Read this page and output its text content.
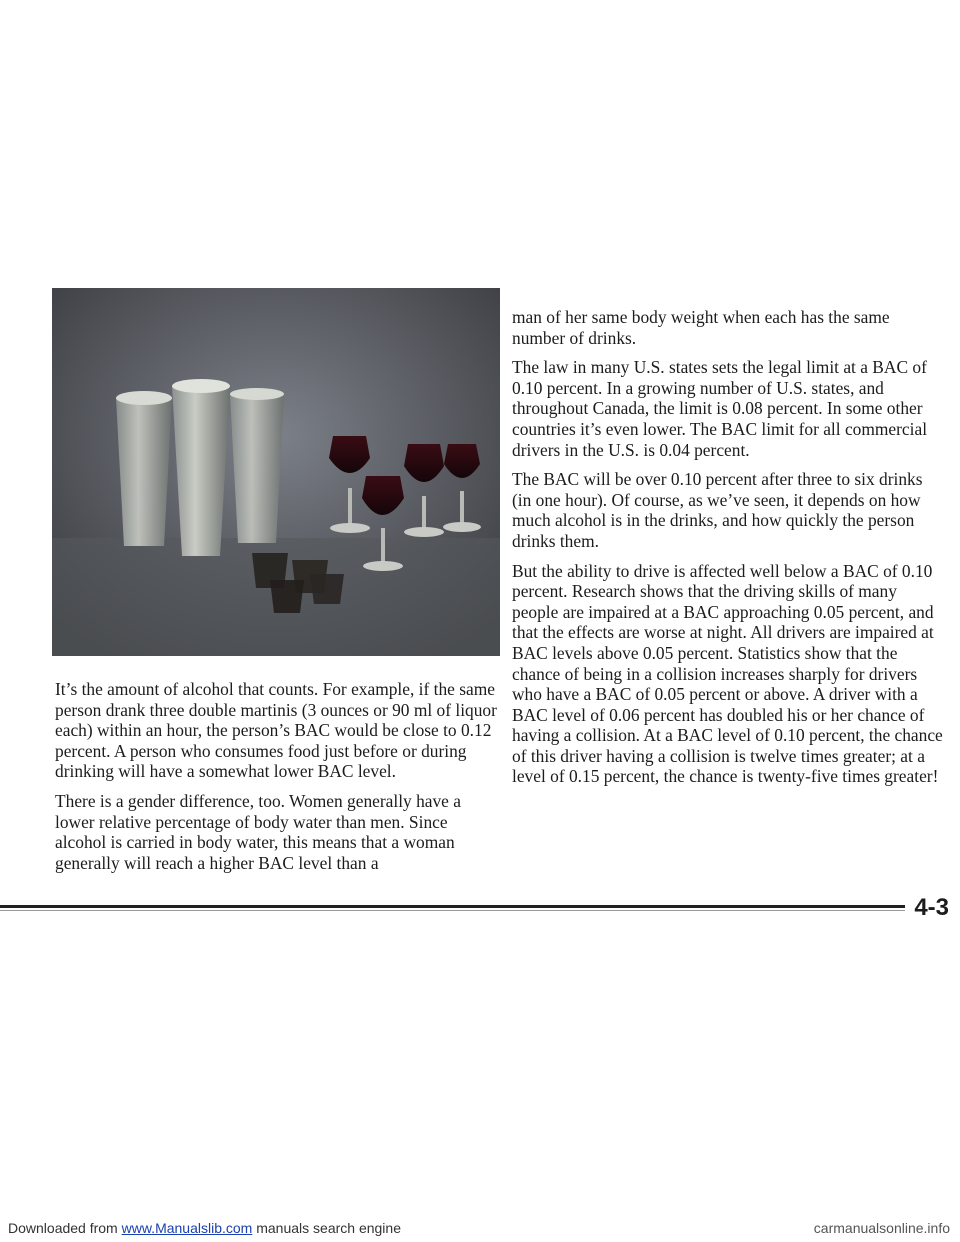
It’s the amount of alcohol that counts. For example, if the same person drank three double martinis (3 ounces or 90 ml of liquor each) within an hour, the person’s BAC would be close to 0.12 percent. A person who consumes food just before or during drinking will have a somewhat lower BAC level.

There is a gender difference, too. Women generally have a lower relative percentage of body water than men. Since alcohol is carried in body water, this means that a woman generally will reach a higher BAC level than a

man of her same body weight when each has the same number of drinks.

The law in many U.S. states sets the legal limit at a BAC of 0.10 percent. In a growing number of U.S. states, and throughout Canada, the limit is 0.08 percent. In some other countries it’s even lower. The BAC limit for all commercial drivers in the U.S. is 0.04 percent.

The BAC will be over 0.10 percent after three to six drinks (in one hour). Of course, as we’ve seen, it depends on how much alcohol is in the drinks, and how quickly the person drinks them.

But the ability to drive is affected well below a BAC of 0.10 percent. Research shows that the driving skills of many people are impaired at a BAC approaching 0.05 percent, and that the effects are worse at night. All drivers are impaired at BAC levels above 0.05 percent. Statistics show that the chance of being in a collision increases sharply for drivers who have a BAC of 0.05 percent or above. A driver with a BAC level of 0.06 percent has doubled his or her chance of having a collision. At a BAC level of 0.10 percent, the chance of this driver having a collision is twelve times greater; at a level of 0.15 percent, the chance is twenty-five times greater!

4-3
Downloaded from www.Manualslib.com manuals search engine	carmanualsonline.info
